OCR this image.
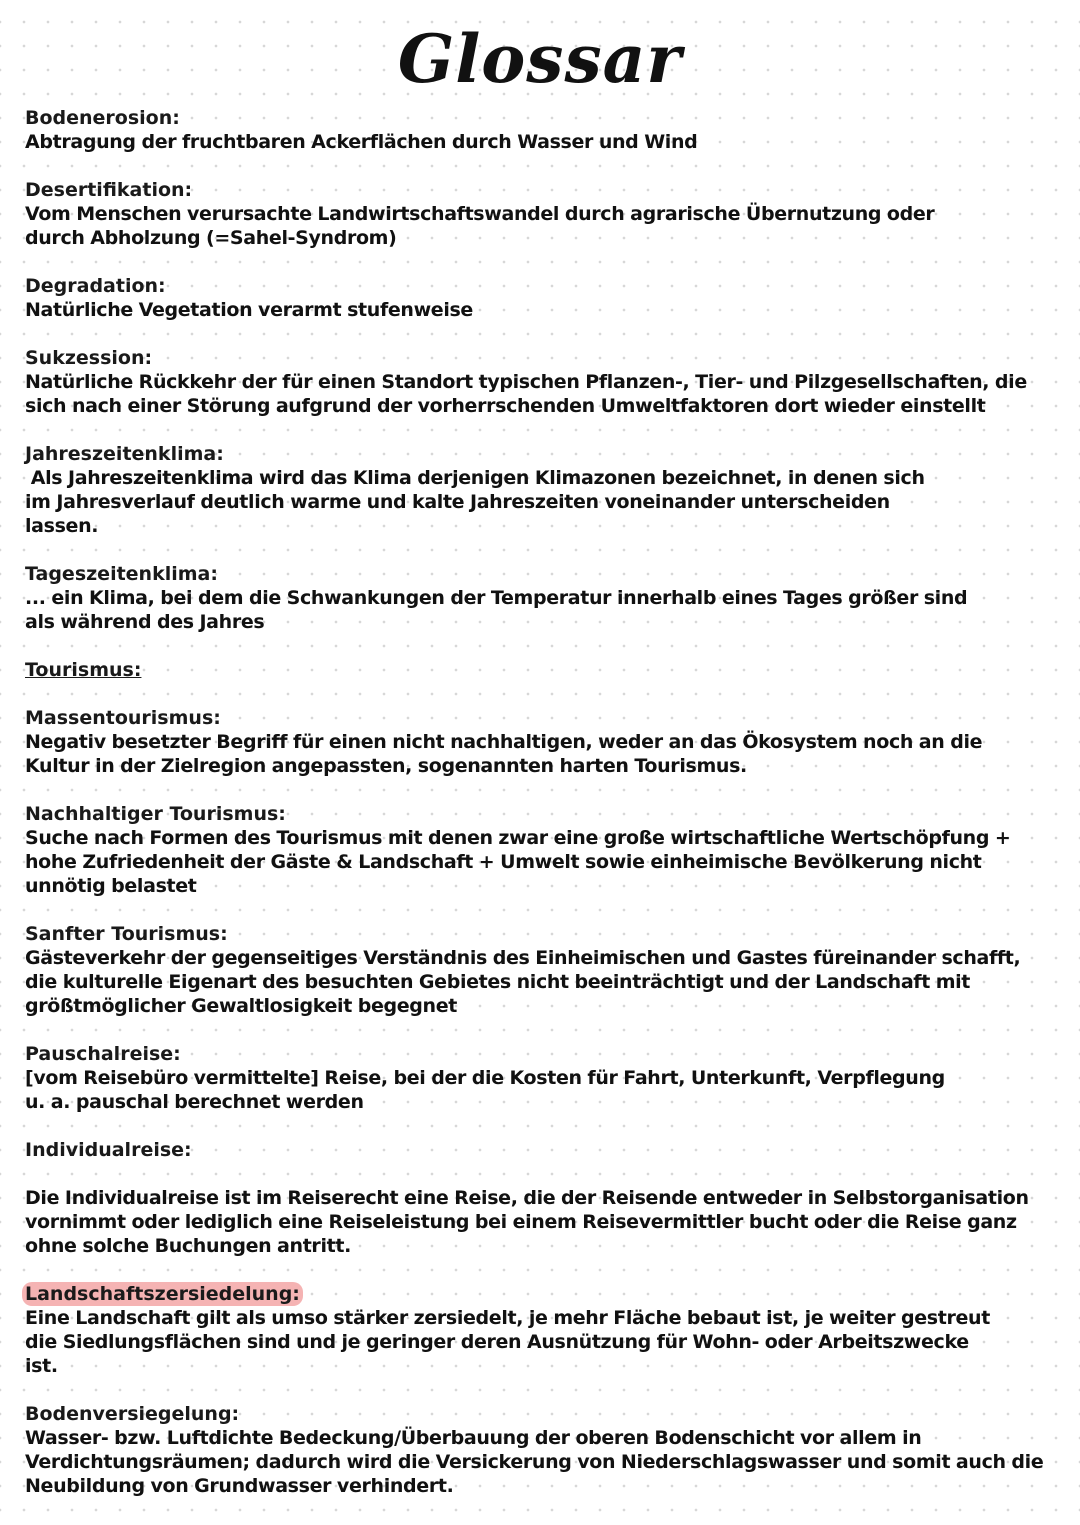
Glossar
Bodenerosion:
Abtragung der fruchtbaren Ackerflächen durch Wasser und Wind
Desertifikation:
Vom Menschen verursachte Landwirtschaftswandel durch agrarische Übernutzung oder durch Abholzung (=Sahel-Syndrom)
Degradation:
Natürliche Vegetation verarmt stufenweise
Sukzession:
Natürliche Rückkehr der für einen Standort typischen Pflanzen-, Tier- und Pilzgesellschaften, die sich nach einer Störung aufgrund der vorherrschenden Umweltfaktoren dort wieder einstellt
Jahreszeitenklima:
Als Jahreszeitenklima wird das Klima derjenigen Klimazonen bezeichnet, in denen sich im Jahresverlauf deutlich warme und kalte Jahreszeiten voneinander unterscheiden lassen.
Tageszeitenklima:
... ein Klima, bei dem die Schwankungen der Temperatur innerhalb eines Tages größer sind als während des Jahres
Tourismus:
Massentourismus:
Negativ besetzter Begriff für einen nicht nachhaltigen, weder an das Ökosystem noch an die Kultur in der Zielregion angepassten, sogenannten harten Tourismus.
Nachhaltiger Tourismus:
Suche nach Formen des Tourismus mit denen zwar eine große wirtschaftliche Wertschöpfung + hohe Zufriedenheit der Gäste & Landschaft + Umwelt sowie einheimische Bevölkerung nicht unnötig belastet
Sanfter Tourismus:
Gästeverkehr der gegenseitiges Verständnis des Einheimischen und Gastes füreinander schafft, die kulturelle Eigenart des besuchten Gebietes nicht beeinträchtigt und der Landschaft mit größtmöglicher Gewaltlosigkeit begegnet
Pauschalreise:
[vom Reisebüro vermittelte] Reise, bei der die Kosten für Fahrt, Unterkunft, Verpflegung u. a. pauschal berechnet werden
Individualreise:
Die Individualreise ist im Reiserecht eine Reise, die der Reisende entweder in Selbstorganisation vornimmt oder lediglich eine Reiseleistung bei einem Reisevermittler bucht oder die Reise ganz ohne solche Buchungen antritt.
Landschaftszersiedelung:
Eine Landschaft gilt als umso stärker zersiedelt, je mehr Fläche bebaut ist, je weiter gestreut die Siedlungsflächen sind und je geringer deren Ausnützung für Wohn- oder Arbeitszwecke ist.
Bodenversiegelung:
Wasser- bzw. Luftdichte Bedeckung/Überbauung der oberen Bodenschicht vor allem in Verdichtungsräumen; dadurch wird die Versickerung von Niederschlagswasser und somit auch die Neubildung von Grundwasser verhindert.
